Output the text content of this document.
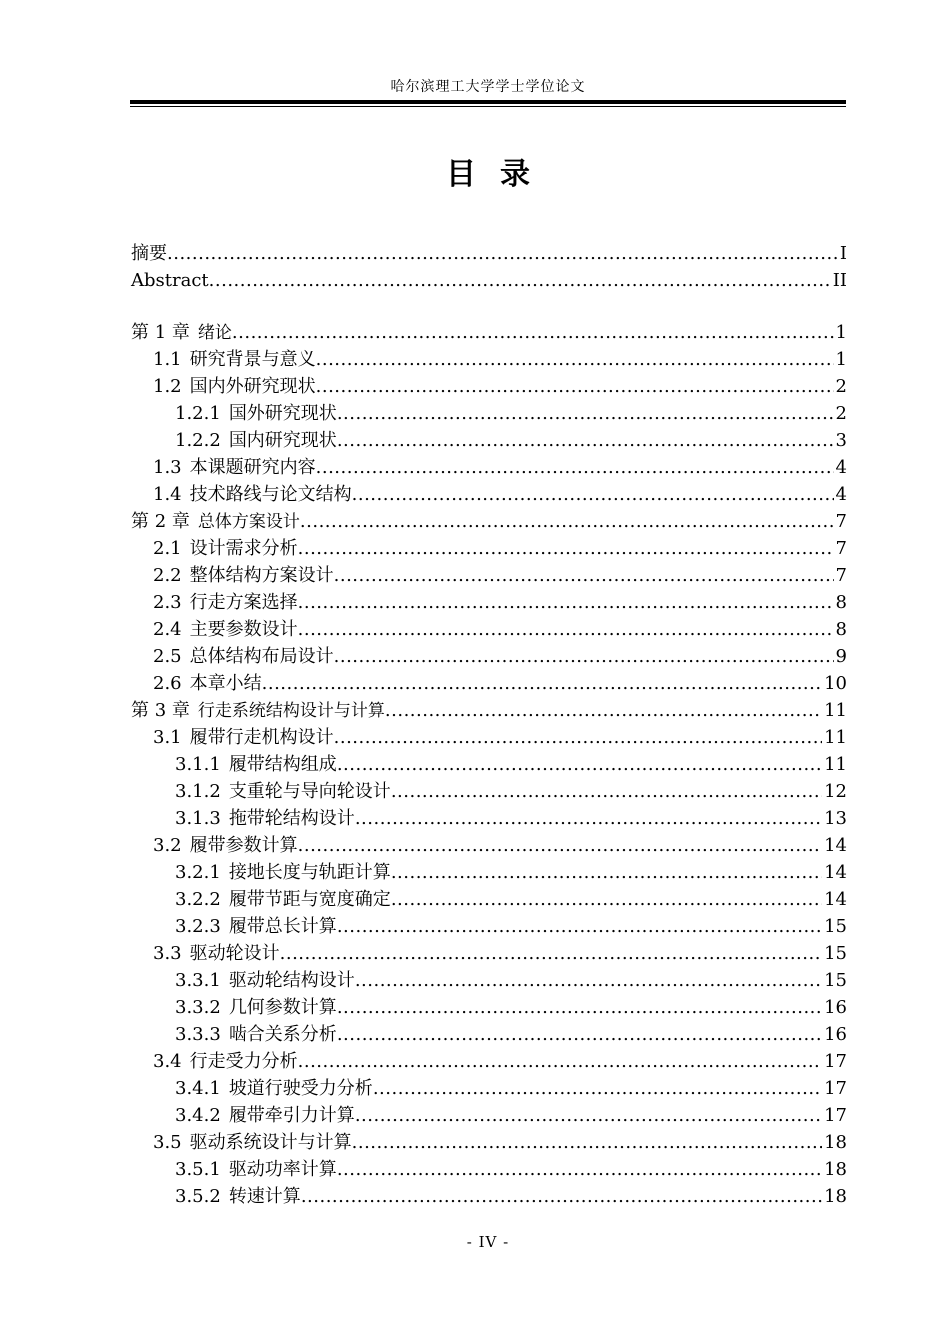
哈尔滨理工大学学士学位论文
目录
摘要 .....	I
Abstract .....	II
第 1 章 绪论 .....	1
1.1 研究背景与意义 .....	1
1.2 国内外研究现状 .....	2
1.2.1 国外研究现状 .....	2
1.2.2 国内研究现状 .....	3
1.3 本课题研究内容 .....	4
1.4 技术路线与论文结构 .....	4
第 2 章 总体方案设计 .....	7
2.1 设计需求分析 .....	7
2.2 整体结构方案设计 .....	7
2.3 行走方案选择 .....	8
2.4 主要参数设计 .....	8
2.5 总体结构布局设计 .....	9
2.6 本章小结 .....	10
第 3 章 行走系统结构设计与计算 .....	11
3.1 履带行走机构设计 .....	11
3.1.1 履带结构组成 .....	11
3.1.2 支重轮与导向轮设计 .....	12
3.1.3 拖带轮结构设计 .....	13
3.2 履带参数计算 .....	14
3.2.1 接地长度与轨距计算 .....	14
3.2.2 履带节距与宽度确定 .....	14
3.2.3 履带总长计算 .....	15
3.3 驱动轮设计 .....	15
3.3.1 驱动轮结构设计 .....	15
3.3.2 几何参数计算 .....	16
3.3.3 啮合关系分析 .....	16
3.4 行走受力分析 .....	17
3.4.1 坡道行驶受力分析 .....	17
3.4.2 履带牵引力计算 .....	17
3.5 驱动系统设计与计算 .....	18
3.5.1 驱动功率计算 .....	18
3.5.2 转速计算 .....	18
- IV -
